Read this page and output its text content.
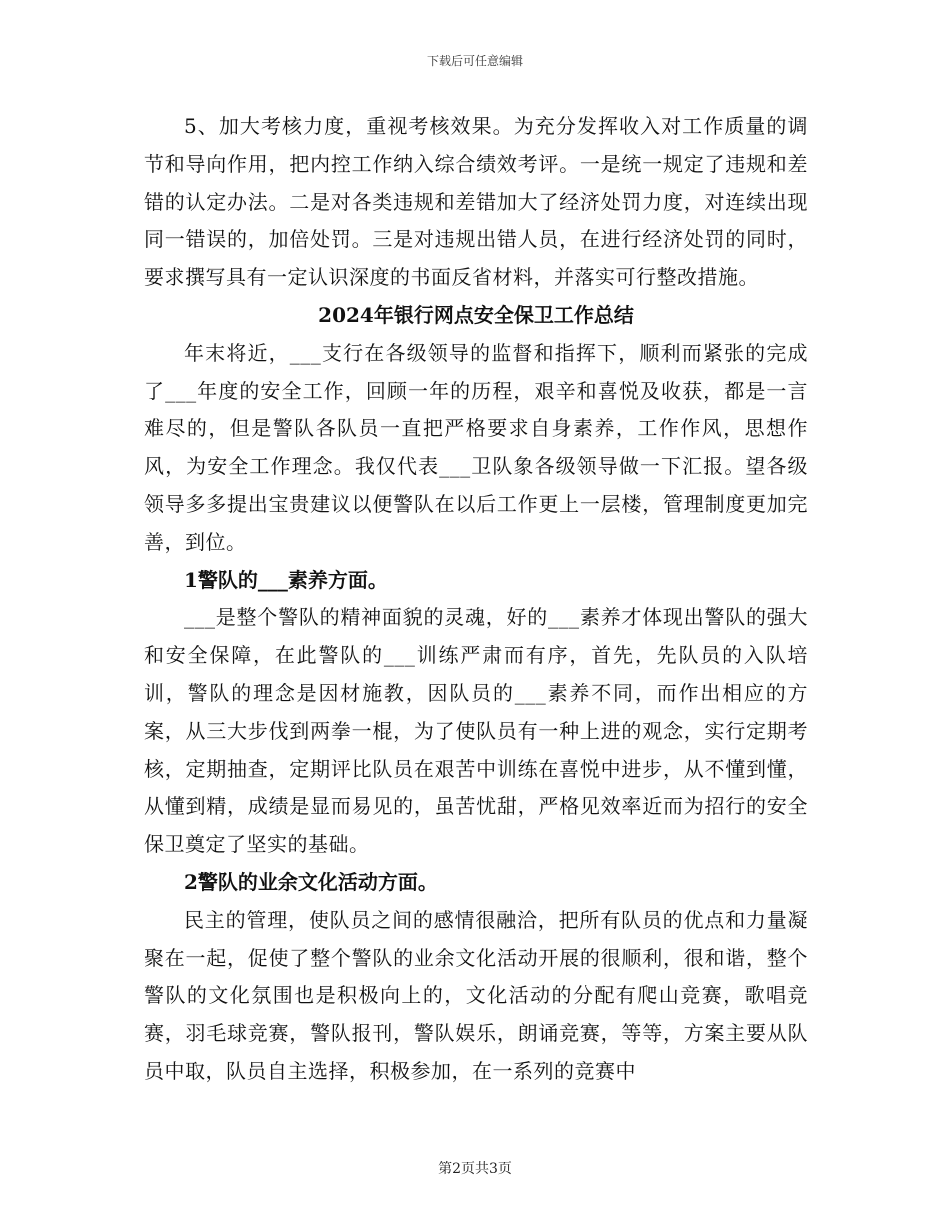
下载后可任意编辑

5、加大考核力度，重视考核效果。为充分发挥收入对工作质量的调节和导向作用，把内控工作纳入综合绩效考评。一是统一规定了违规和差错的认定办法。二是对各类违规和差错加大了经济处罚力度，对连续出现同一错误的，加倍处罚。三是对违规出错人员，在进行经济处罚的同时，要求撰写具有一定认识深度的书面反省材料，并落实可行整改措施。

2024年银行网点安全保卫工作总结

年末将近，___支行在各级领导的监督和指挥下，顺利而紧张的完成了___年度的安全工作，回顾一年的历程，艰辛和喜悦及收获，都是一言难尽的，但是警队各队员一直把严格要求自身素养，工作作风，思想作风，为安全工作理念。我仅代表___卫队象各级领导做一下汇报。望各级领导多多提出宝贵建议以便警队在以后工作更上一层楼，管理制度更加完善，到位。

1警队的___素养方面。

___是整个警队的精神面貌的灵魂，好的___素养才体现出警队的强大和安全保障，在此警队的___训练严肃而有序，首先，先队员的入队培训，警队的理念是因材施教，因队员的___素养不同，而作出相应的方案，从三大步伐到两拳一棍，为了使队员有一种上进的观念，实行定期考核，定期抽查，定期评比队员在艰苦中训练在喜悦中进步，从不懂到懂，从懂到精，成绩是显而易见的，虽苦忧甜，严格见效率近而为招行的安全保卫奠定了坚实的基础。

2警队的业余文化活动方面。

民主的管理，使队员之间的感情很融洽，把所有队员的优点和力量凝聚在一起，促使了整个警队的业余文化活动开展的很顺利，很和谐，整个警队的文化氛围也是积极向上的，文化活动的分配有爬山竞赛，歌唱竞赛，羽毛球竞赛，警队报刊，警队娱乐，朗诵竞赛，等等，方案主要从队员中取，队员自主选择，积极参加，在一系列的竞赛中

第2页共3页
